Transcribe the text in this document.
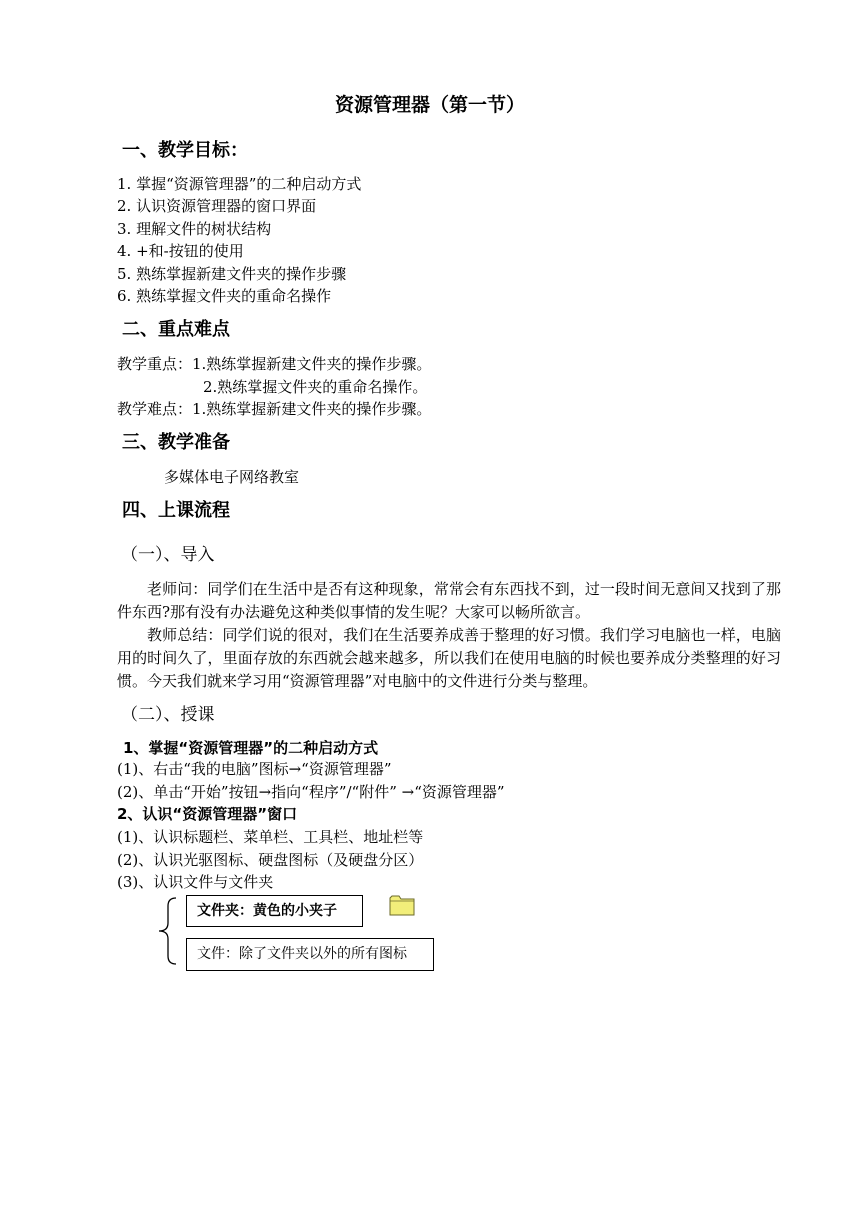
资源管理器（第一节）
一、教学目标：
1. 掌握“资源管理器”的二种启动方式
2. 认识资源管理器的窗口界面
3. 理解文件的树状结构
4. +和-按钮的使用
5. 熟练掌握新建文件夹的操作步骤
6. 熟练掌握文件夹的重命名操作
二、重点难点
教学重点：1.熟练掌握新建文件夹的操作步骤。
2.熟练掌握文件夹的重命名操作。
教学难点：1.熟练掌握新建文件夹的操作步骤。
三、教学准备
多媒体电子网络教室
四、上课流程
（一）、导入
老师问：同学们在生活中是否有这种现象，常常会有东西找不到，过一段时间无意间又找到了那件东西?那有没有办法避免这种类似事情的发生呢？大家可以畅所欲言。
教师总结：同学们说的很对，我们在生活要养成善于整理的好习惯。我们学习电脑也一样，电脑用的时间久了，里面存放的东西就会越来越多，所以我们在使用电脑的时候也要养成分类整理的好习惯。今天我们就来学习用“资源管理器”对电脑中的文件进行分类与整理。
（二）、授课
1、掌握“资源管理器”的二种启动方式
(1)、右击“我的电脑”图标→“资源管理器”
(2)、单击“开始”按钮→指向“程序”/“附件” →“资源管理器”
2、认识“资源管理器”窗口
(1)、认识标题栏、菜单栏、工具栏、地址栏等
(2)、认识光驱图标、硬盘图标（及硬盘分区）
(3)、认识文件与文件夹
文件夹：黄色的小夹子
文件：除了文件夹以外的所有图标
